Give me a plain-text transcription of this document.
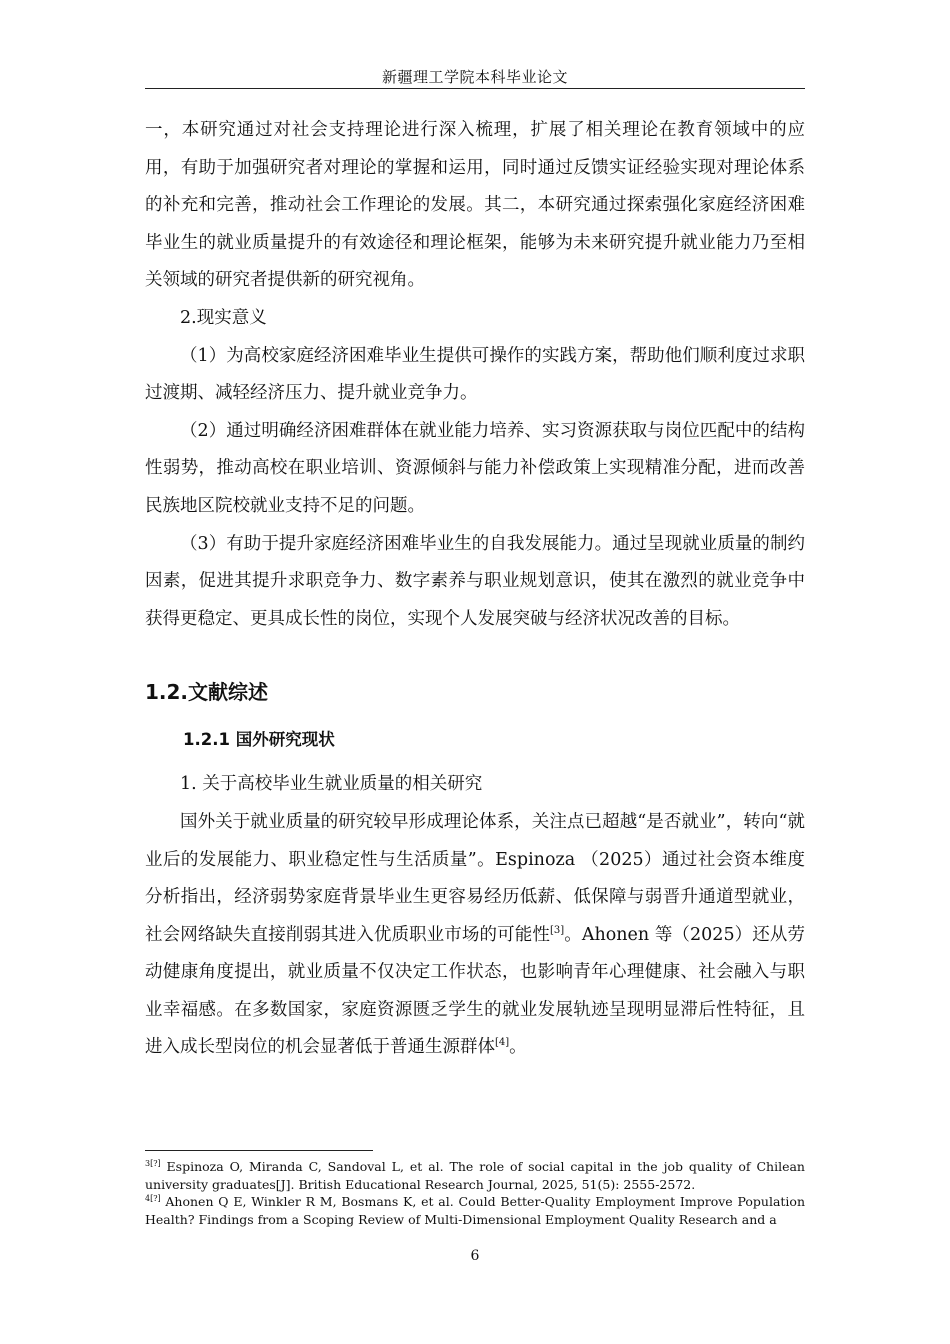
新疆理工学院本科毕业论文

一，本研究通过对社会支持理论进行深入梳理，扩展了相关理论在教育领域中的应用，有助于加强研究者对理论的掌握和运用，同时通过反馈实证经验实现对理论体系的补充和完善，推动社会工作理论的发展。其二，本研究通过探索强化家庭经济困难毕业生的就业质量提升的有效途径和理论框架，能够为未来研究提升就业能力乃至相关领域的研究者提供新的研究视角。

2.现实意义

（1）为高校家庭经济困难毕业生提供可操作的实践方案，帮助他们顺利度过求职过渡期、减轻经济压力、提升就业竞争力。

（2）通过明确经济困难群体在就业能力培养、实习资源获取与岗位匹配中的结构性弱势，推动高校在职业培训、资源倾斜与能力补偿政策上实现精准分配，进而改善民族地区院校就业支持不足的问题。

（3）有助于提升家庭经济困难毕业生的自我发展能力。通过呈现就业质量的制约因素，促进其提升求职竞争力、数字素养与职业规划意识，使其在激烈的就业竞争中获得更稳定、更具成长性的岗位，实现个人发展突破与经济状况改善的目标。

1.2.文献综述
1.2.1 国外研究现状

1. 关于高校毕业生就业质量的相关研究

国外关于就业质量的研究较早形成理论体系，关注点已超越“是否就业”，转向“就业后的发展能力、职业稳定性与生活质量”。Espinoza （2025）通过社会资本维度分析指出，经济弱势家庭背景毕业生更容易经历低薪、低保障与弱晋升通道型就业，社会网络缺失直接削弱其进入优质职业市场的可能性[3]。Ahonen 等（2025）还从劳动健康角度提出，就业质量不仅决定工作状态，也影响青年心理健康、社会融入与职业幸福感。在多数国家，家庭资源匮乏学生的就业发展轨迹呈现明显滞后性特征，且进入成长型岗位的机会显著低于普通生源群体[4]。

$^{3[?]}$ Espinoza O, Miranda C, Sandoval L, et al. The role of social capital in the job quality of Chilean university graduates[J]. British Educational Research Journal, 2025, 51(5): 2555-2572.

$^{4[?]}$ Ahonen Q E, Winkler R M, Bosmans K, et al. Could Better-Quality Employment Improve Population Health? Findings from a Scoping Review of Multi-Dimensional Employment Quality Research and a

6
